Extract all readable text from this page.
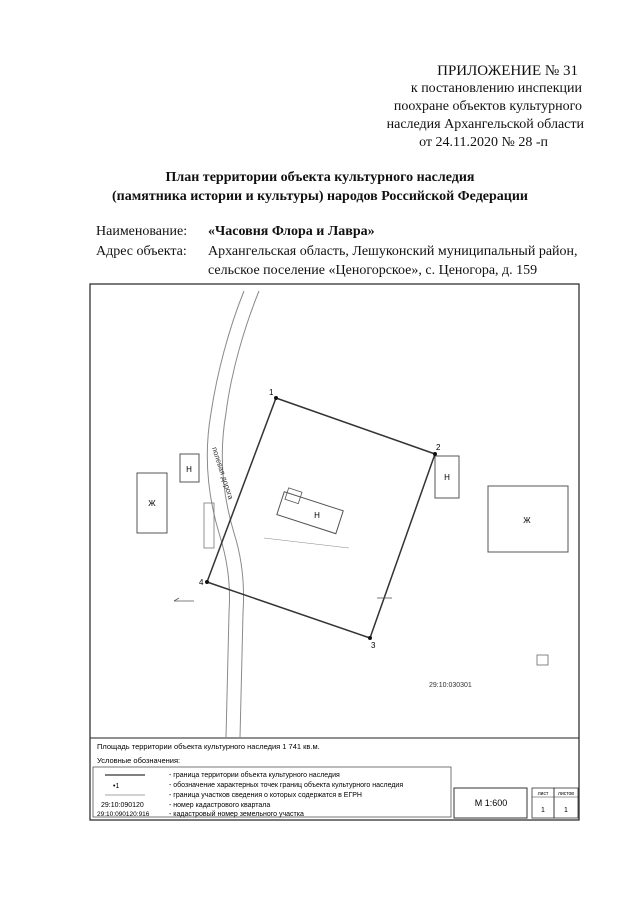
ПРИЛОЖЕНИЕ № 31
к постановлению инспекции
поохране объектов культурного
наследия Архангельской области
от 24.11.2020 № 28 -п
План территории объекта культурного наследия
(памятника истории и культуры) народов Российской Федерации
Наименование: «Часовня Флора и Лавра»
Адрес объекта: Архангельская область, Лешуконский муниципальный район,
сельское поселение «Ценогорское», с. Ценогора, д. 159
полевая дорога
Н
Ж
Н
Ж
Н
1
2
3
4
29:10:030301
Площадь территории объекта культурного наследия 1 741 кв.м.
Условные обозначения:
- граница территории объекта культурного наследия
•1	- обозначение характерных точек границ объекта культурного наследия
- граница участков сведения о которых содержатся в ЕГРН
29:10:090120	- номер кадастрового квартала
29:10:090120:916	- кадастровый номер земельного участка
М 1:600
лист листов
1	1
